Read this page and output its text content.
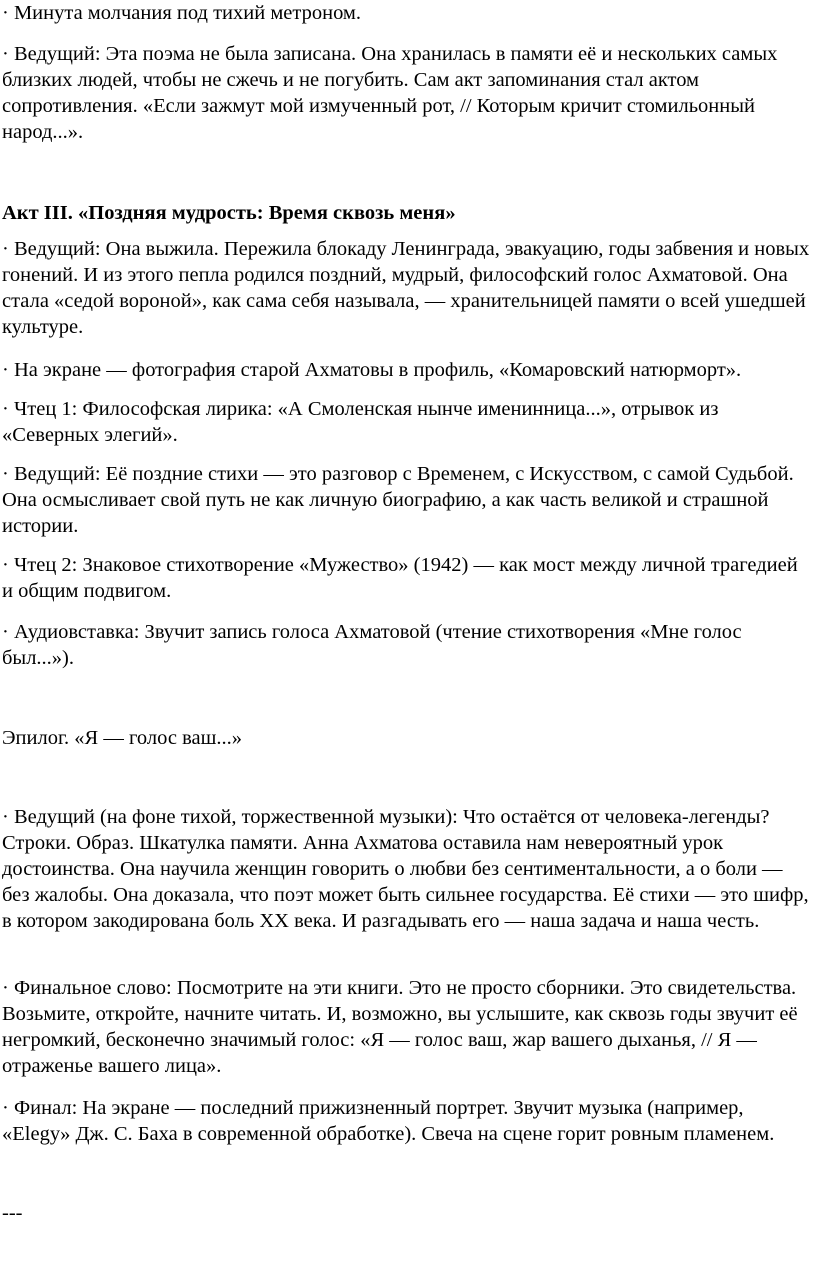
· Минута молчания под тихий метроном.

· Ведущий: Эта поэма не была записана. Она хранилась в памяти её и нескольких самых близких людей, чтобы не сжечь и не погубить. Сам акт запоминания стал актом сопротивления. «Если зажмут мой измученный рот, // Которым кричит стомильонный народ...».

Акт III. «Поздняя мудрость: Время сквозь меня»

· Ведущий: Она выжила. Пережила блокаду Ленинграда, эвакуацию, годы забвения и новых гонений. И из этого пепла родился поздний, мудрый, философский голос Ахматовой. Она стала «седой вороной», как сама себя называла, — хранительницей памяти о всей ушедшей культуре.

· На экране — фотография старой Ахматовы в профиль, «Комаровский натюрморт».

· Чтец 1: Философская лирика: «А Смоленская нынче именинница...», отрывок из «Северных элегий».

· Ведущий: Её поздние стихи — это разговор с Временем, с Искусством, с самой Судьбой. Она осмысливает свой путь не как личную биографию, а как часть великой и страшной истории.

· Чтец 2: Знаковое стихотворение «Мужество» (1942) — как мост между личной трагедией и общим подвигом.

· Аудиовставка: Звучит запись голоса Ахматовой (чтение стихотворения «Мне голос был...»).

Эпилог. «Я — голос ваш...»

· Ведущий (на фоне тихой, торжественной музыки): Что остаётся от человека-легенды? Строки. Образ. Шкатулка памяти. Анна Ахматова оставила нам невероятный урок достоинства. Она научила женщин говорить о любви без сентиментальности, а о боли — без жалобы. Она доказала, что поэт может быть сильнее государства. Её стихи — это шифр, в котором закодирована боль XX века. И разгадывать его — наша задача и наша честь.

· Финальное слово: Посмотрите на эти книги. Это не просто сборники. Это свидетельства. Возьмите, откройте, начните читать. И, возможно, вы услышите, как сквозь годы звучит её негромкий, бесконечно значимый голос: «Я — голос ваш, жар вашего дыханья, // Я — отраженье вашего лица».

· Финал: На экране — последний прижизненный портрет. Звучит музыка (например, «Elegy» Дж. С. Баха в современной обработке). Свеча на сцене горит ровным пламенем.

---
